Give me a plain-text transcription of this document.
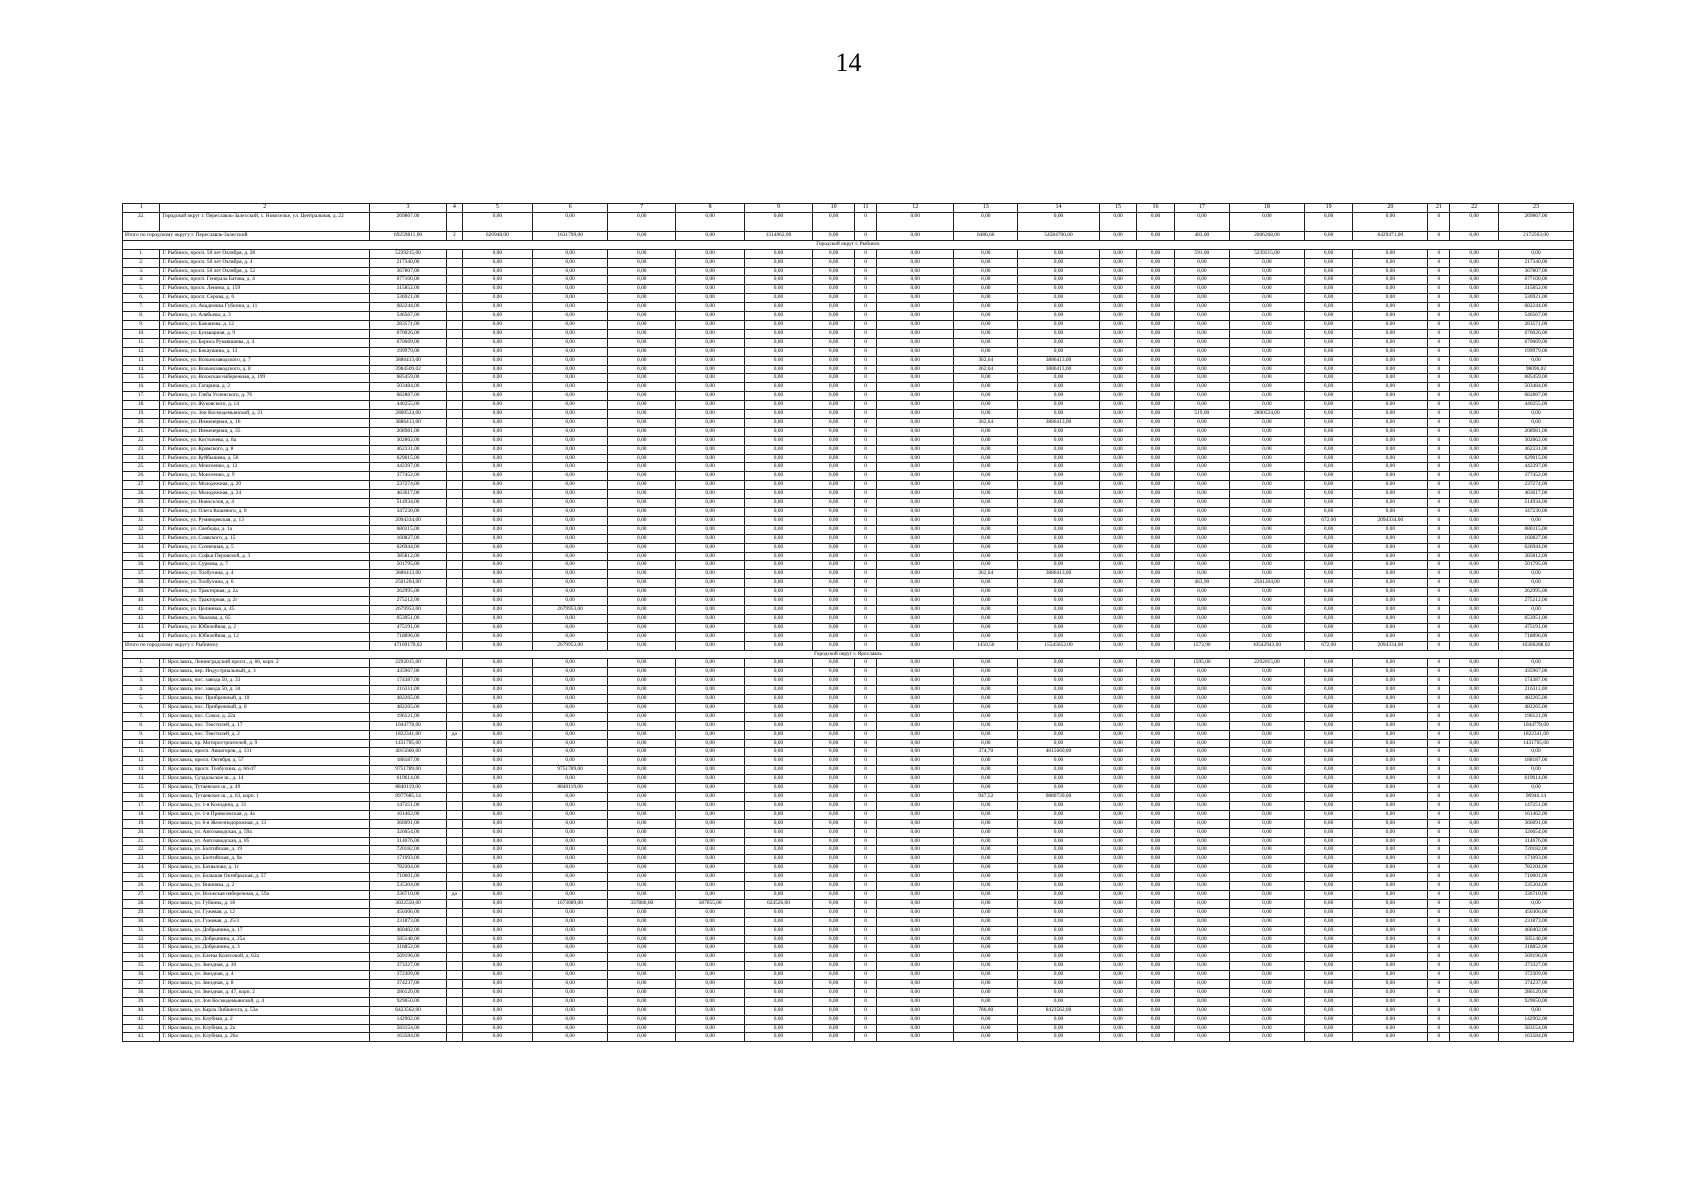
14
1	2	3	4	5	6	7	8	9	10	11	12	13	14	15	16	17	18	19	20	21	22	23
22.	Городской округ г. Переславль-Залесский, с. Новоселье, ул. Центральная, д. 22	269867,00		0,00	0,00	0,00	0,00	0,00	0,00	0	0,00	0,00	0,00	0,00	0,00	0,00	0,00	0,00	0,00	0	0,00	269867,00
Итого по городскому округу г. Переславль-Залесский		69259811,00	2	620948,00	1631799,00	0,00	0,00	1314062,00	0,00	0	0,00	6486,66	54584700,00	0,00	0,00	483,00	2606268,00	0,00	6429471,00	0	0,00	2172563,00
Городской округ г. Рыбинск																						
1.	Г. Рыбинск, просп. 50 лет Октября, д. 28	5239215,00		0,00	0,00	0,00	0,00	0,00	0,00	0	0,00	0,00	0,00	0,00	0,00	591,00	5239215,00	0,00	0,00	0	0,00	0,00
2.	Г. Рыбинск, просп. 50 лет Октября, д. 4	217340,00		0,00	0,00	0,00	0,00	0,00	0,00	0	0,00	0,00	0,00	0,00	0,00	0,00	0,00	0,00	0,00	0	0,00	217340,00
3.	Г. Рыбинск, просп. 50 лет Октября, д. 52	367807,00		0,00	0,00	0,00	0,00	0,00	0,00	0	0,00	0,00	0,00	0,00	0,00	0,00	0,00	0,00	0,00	0	0,00	367807,00
4.	Г. Рыбинск, просп. Генерала Батова, д. 4	677100,00		0,00	0,00	0,00	0,00	0,00	0,00	0	0,00	0,00	0,00	0,00	0,00	0,00	0,00	0,00	0,00	0	0,00	677100,00
5.	Г. Рыбинск, просп. Ленина, д. 159	315852,00		0,00	0,00	0,00	0,00	0,00	0,00	0	0,00	0,00	0,00	0,00	0,00	0,00	0,00	0,00	0,00	0	0,00	315852,00
6.	Г. Рыбинск, просп. Серова, д. 6	536921,00		0,00	0,00	0,00	0,00	0,00	0,00	0	0,00	0,00	0,00	0,00	0,00	0,00	0,00	0,00	0,00	0	0,00	536921,00
7.	Г. Рыбинск, ул. Академика Губкина, д. 11	682244,00		0,00	0,00	0,00	0,00	0,00	0,00	0	0,00	0,00	0,00	0,00	0,00	0,00	0,00	0,00	0,00	0	0,00	682244,00
8.	Г. Рыбинск, ул. Алябьева, д. 3	546567,00		0,00	0,00	0,00	0,00	0,00	0,00	0	0,00	0,00	0,00	0,00	0,00	0,00	0,00	0,00	0,00	0	0,00	546567,00
9.	Г. Рыбинск, ул. Бажанова, д. 12	283571,00		0,00	0,00	0,00	0,00	0,00	0,00	0	0,00	0,00	0,00	0,00	0,00	0,00	0,00	0,00	0,00	0	0,00	283571,00
10.	Г. Рыбинск, ул. Бульварная, д. 9	670026,00		0,00	0,00	0,00	0,00	0,00	0,00	0	0,00	0,00	0,00	0,00	0,00	0,00	0,00	0,00	0,00	0	0,00	670026,00
11.	Г. Рыбинск, ул. Бориса Рукавишева, д. 4	670669,00		0,00	0,00	0,00	0,00	0,00	0,00	0	0,00	0,00	0,00	0,00	0,00	0,00	0,00	0,00	0,00	0	0,00	670669,00
12.	Г. Рыбинск, ул. Бокаушина, д. 13	199979,00		0,00	0,00	0,00	0,00	0,00	0,00	0	0,00	0,00	0,00	0,00	0,00	0,00	0,00	0,00	0,00	0	0,00	199979,00
13.	Г. Рыбинск, ул. Вольнозаводского, д. 7	3886413,00		0,00	0,00	0,00	0,00	0,00	0,00	0	0,00	362,64	3886413,00	0,00	0,00	0,00	0,00	0,00	0,00	0	0,00	0,00
14.	Г. Рыбинск, ул. Вольнозаводского, д. 8	3984509,02		0,00	0,00	0,00	0,00	0,00	0,00	0	0,00	362,64	3886413,00	0,00	0,00	0,00	0,00	0,00	0,00	0	0,00	98096,02
15.	Г. Рыбинск, ул. Волжская набережная, д. 199	685459,00		0,00	0,00	0,00	0,00	0,00	0,00	0	0,00	0,00	0,00	0,00	0,00	0,00	0,00	0,00	0,00	0	0,00	685459,00
16.	Г. Рыбинск, ул. Гагарина, д. 2	503484,00		0,00	0,00	0,00	0,00	0,00	0,00	0	0,00	0,00	0,00	0,00	0,00	0,00	0,00	0,00	0,00	0	0,00	503484,00
17.	Г. Рыбинск, ул. Глеба Успенского, д. 76	682887,00		0,00	0,00	0,00	0,00	0,00	0,00	0	0,00	0,00	0,00	0,00	0,00	0,00	0,00	0,00	0,00	0	0,00	682887,00
18.	Г. Рыбинск, ул. Жуковского, д. 14	446255,00		0,00	0,00	0,00	0,00	0,00	0,00	0	0,00	0,00	0,00	0,00	0,00	0,00	0,00	0,00	0,00	0	0,00	446255,00
19.	Г. Рыбинск, ул. Зои Космодемьянской, д. 21	2800524,00		0,00	0,00	0,00	0,00	0,00	0,00	0	0,00	0,00	0,00	0,00	0,00	519,00	2800524,00	0,00	0,00	0	0,00	0,00
20.	Г. Рыбинск, ул. Инженерная, д. 16	3886413,00		0,00	0,00	0,00	0,00	0,00	0,00	0	0,00	362,64	3886413,00	0,00	0,00	0,00	0,00	0,00	0,00	0	0,00	0,00
21.	Г. Рыбинск, ул. Инженерная, д. 35	208981,00		0,00	0,00	0,00	0,00	0,00	0,00	0	0,00	0,00	0,00	0,00	0,00	0,00	0,00	0,00	0,00	0	0,00	208981,00
22.	Г. Рыбинск, ул. Костычева, д. 8а	302862,00		0,00	0,00	0,00	0,00	0,00	0,00	0	0,00	0,00	0,00	0,00	0,00	0,00	0,00	0,00	0,00	0	0,00	302862,00
23.	Г. Рыбинск, ул. Крамского, д. 8	462331,00		0,00	0,00	0,00	0,00	0,00	0,00	0	0,00	0,00	0,00	0,00	0,00	0,00	0,00	0,00	0,00	0	0,00	462331,00
24.	Г. Рыбинск, ул. Куйбышева, д. 56	629015,00		0,00	0,00	0,00	0,00	0,00	0,00	0	0,00	0,00	0,00	0,00	0,00	0,00	0,00	0,00	0,00	0	0,00	629015,00
25.	Г. Рыбинск, ул. Моисеенко, д. 12	442397,00		0,00	0,00	0,00	0,00	0,00	0,00	0	0,00	0,00	0,00	0,00	0,00	0,00	0,00	0,00	0,00	0	0,00	442397,00
26.	Г. Рыбинск, ул. Моисеенко, д. 9	377452,00		0,00	0,00	0,00	0,00	0,00	0,00	0	0,00	0,00	0,00	0,00	0,00	0,00	0,00	0,00	0,00	0	0,00	377452,00
27.	Г. Рыбинск, ул. Молодежная, д. 20	237274,00		0,00	0,00	0,00	0,00	0,00	0,00	0	0,00	0,00	0,00	0,00	0,00	0,00	0,00	0,00	0,00	0	0,00	237274,00
28.	Г. Рыбинск, ул. Молодежная, д. 24	463617,00		0,00	0,00	0,00	0,00	0,00	0,00	0	0,00	0,00	0,00	0,00	0,00	0,00	0,00	0,00	0,00	0	0,00	463617,00
29.	Г. Рыбинск, ул. Новоселов, д. 4	514934,00		0,00	0,00	0,00	0,00	0,00	0,00	0	0,00	0,00	0,00	0,00	0,00	0,00	0,00	0,00	0,00	0	0,00	514934,00
30.	Г. Рыбинск, ул. Олега Кошевого, д. 8	347230,00		0,00	0,00	0,00	0,00	0,00	0,00	0	0,00	0,00	0,00	0,00	0,00	0,00	0,00	0,00	0,00	0	0,00	347230,00
31.	Г. Рыбинск, ул. Румянцевская, д. 13	2094334,00		0,00	0,00	0,00	0,00	0,00	0,00	0	0,00	0,00	0,00	0,00	0,00	0,00	0,00	672,00	2094334,00	0	0,00	0,00
32.	Г. Рыбинск, ул. Свободы, д. 1а	680315,00		0,00	0,00	0,00	0,00	0,00	0,00	0	0,00	0,00	0,00	0,00	0,00	0,00	0,00	0,00	0,00	0	0,00	680315,00
33.	Г. Рыбинск, ул. Славского, д. 15	160827,00		0,00	0,00	0,00	0,00	0,00	0,00	0	0,00	0,00	0,00	0,00	0,00	0,00	0,00	0,00	0,00	0	0,00	160827,00
34.	Г. Рыбинск, ул. Солнечная, д. 5	626944,00		0,00	0,00	0,00	0,00	0,00	0,00	0	0,00	0,00	0,00	0,00	0,00	0,00	0,00	0,00	0,00	0	0,00	626944,00
35.	Г. Рыбинск, ул. Софьи Перовской, д. 3	385812,00		0,00	0,00	0,00	0,00	0,00	0,00	0	0,00	0,00	0,00	0,00	0,00	0,00	0,00	0,00	0,00	0	0,00	385812,00
36.	Г. Рыбинск, ул. Суркова, д. 7	501795,00		0,00	0,00	0,00	0,00	0,00	0,00	0	0,00	0,00	0,00	0,00	0,00	0,00	0,00	0,00	0,00	0	0,00	501795,00
37.	Г. Рыбинск, ул. Толбухина, д. 4	3886413,00		0,00	0,00	0,00	0,00	0,00	0,00	0	0,00	362,64	3886413,00	0,00	0,00	0,00	0,00	0,00	0,00	0	0,00	0,00
38.	Г. Рыбинск, ул. Толбухина, д. 6	2501204,00		0,00	0,00	0,00	0,00	0,00	0,00	0	0,00	0,00	0,00	0,00	0,00	463,90	2501204,00	0,00	0,00	0	0,00	0,00
39.	Г. Рыбинск, ул. Тракторная, д. 2а	262995,00		0,00	0,00	0,00	0,00	0,00	0,00	0	0,00	0,00	0,00	0,00	0,00	0,00	0,00	0,00	0,00	0	0,00	262995,00
40.	Г. Рыбинск, ул. Тракторная, д. 2г	275212,00		0,00	0,00	0,00	0,00	0,00	0,00	0	0,00	0,00	0,00	0,00	0,00	0,00	0,00	0,00	0,00	0	0,00	275212,00
41.	Г. Рыбинск, ул. Целинная, д. 45	2679953,00		0,00	2679953,00	0,00	0,00	0,00	0,00	0	0,00	0,00	0,00	0,00	0,00	0,00	0,00	0,00	0,00	0	0,00	0,00
42.	Г. Рыбинск, ул. Чкалова, д. 65	653951,00		0,00	0,00	0,00	0,00	0,00	0,00	0	0,00	0,00	0,00	0,00	0,00	0,00	0,00	0,00	0,00	0	0,00	653951,00
43.	Г. Рыбинск, ул. Юбилейная, д. 2	475191,00		0,00	0,00	0,00	0,00	0,00	0,00	0	0,00	0,00	0,00	0,00	0,00	0,00	0,00	0,00	0,00	0	0,00	475191,00
44.	Г. Рыбинск, ул. Юбилейная, д. 12	718896,00		0,00	0,00	0,00	0,00	0,00	0,00	0	0,00	0,00	0,00	0,00	0,00	0,00	0,00	0,00	0,00	0	0,00	718896,00
Итого по городскому округу г. Рыбинску		47169170,02		0,00	2679953,00	0,00	0,00	0,00	0,00	0	0,00	1450,56	15545652,00	0,00	0,00	1573,90	10542943,00	672,00	2094334,00	0	0,00	16306288,02
Городской округ г. Ярославль																						
1.	Г. Ярославль, Ленинградский просп., д. 66, корп. 2	2292015,00		0,00	0,00	0,00	0,00	0,00	0,00	0	0,00	0,00	0,00	0,00	0,00	1595,00	2292015,00	0,00	0,00	0	0,00	0,00
2.	Г. Ярославль, пер. Индустриальный, д. 3	435967,00		0,00	0,00	0,00	0,00	0,00	0,00	0	0,00	0,00	0,00	0,00	0,00	0,00	0,00	0,00	0,00	0	0,00	435967,00
3.	Г. Ярославль, пос. завода 50, д. 33	174387,00		0,00	0,00	0,00	0,00	0,00	0,00	0	0,00	0,00	0,00	0,00	0,00	0,00	0,00	0,00	0,00	0	0,00	174387,00
4.	Г. Ярославль, пос. завода 50, д. 34	216311,00		0,00	0,00	0,00	0,00	0,00	0,00	0	0,00	0,00	0,00	0,00	0,00	0,00	0,00	0,00	0,00	0	0,00	216311,00
5.	Г. Ярославль, пос. Прибрежный, д. 10	482265,00		0,00	0,00	0,00	0,00	0,00	0,00	0	0,00	0,00	0,00	0,00	0,00	0,00	0,00	0,00	0,00	0	0,00	482265,00
6.	Г. Ярославль, пос. Прибрежный, д. 8	482265,00		0,00	0,00	0,00	0,00	0,00	0,00	0	0,00	0,00	0,00	0,00	0,00	0,00	0,00	0,00	0,00	0	0,00	482265,00
7.	Г. Ярославль, пос. Сокол, д. 22а	196121,00		0,00	0,00	0,00	0,00	0,00	0,00	0	0,00	0,00	0,00	0,00	0,00	0,00	0,00	0,00	0,00	0	0,00	196121,00
8.	Г. Ярославль, пос. Текстилей, д. 17	1044778,00		0,00	0,00	0,00	0,00	0,00	0,00	0	0,00	0,00	0,00	0,00	0,00	0,00	0,00	0,00	0,00	0	0,00	1044778,00
9.	Г. Ярославль, пос. Текстилей, д. 2	1822341,00	да	0,00	0,00	0,00	0,00	0,00	0,00	0	0,00	0,00	0,00	0,00	0,00	0,00	0,00	0,00	0,00	0	0,00	1822341,00
10.	Г. Ярославль, пр. Моторостроителей, д. 9	1431705,00		0,00	0,00	0,00	0,00	0,00	0,00	0	0,00	0,00	0,00	0,00	0,00	0,00	0,00	0,00	0,00	0	0,00	1431705,00
11.	Г. Ярославль, просп. Авиаторов, д. 131	4015660,00		0,00	0,00	0,00	0,00	0,00	0,00	0	0,00	374,70	4015660,00	0,00	0,00	0,00	0,00	0,00	0,00	0	0,00	0,00
12.	Г. Ярославль, просп. Октября, д. 57	188187,00		0,00	0,00	0,00	0,00	0,00	0,00	0	0,00	0,00	0,00	0,00	0,00	0,00	0,00	0,00	0,00	0	0,00	188187,00
13.	Г. Ярославль, просп. Толбухина, д. 66/47	9751789,00		0,00	9751789,00	0,00	0,00	0,00	0,00	0	0,00	0,00	0,00	0,00	0,00	0,00	0,00	0,00	0,00	0	0,00	0,00
14.	Г. Ярославль, Суздальское ш., д. 14	619614,00		0,00	0,00	0,00	0,00	0,00	0,00	0	0,00	0,00	0,00	0,00	0,00	0,00	0,00	0,00	0,00	0	0,00	619614,00
15.	Г. Ярославль, Тутаевское ш., д. 49	8840119,00		0,00	8840119,00	0,00	0,00	0,00	0,00	0	0,00	0,00	0,00	0,00	0,00	0,00	0,00	0,00	0,00	0	0,00	0,00
16.	Г. Ярославль, Тутаевское ш., д. 63, корп. 1	9977685,14		0,00	0,00	0,00	0,00	0,00	0,00	0	0,00	947,52	9880739,00	0,00	0,00	0,00	0,00	0,00	0,00	0	0,00	96946,14
17.	Г. Ярославль, ул. 1-я Колодина, д. 31	147251,00		0,00	0,00	0,00	0,00	0,00	0,00	0	0,00	0,00	0,00	0,00	0,00	0,00	0,00	0,00	0,00	0	0,00	147251,00
18.	Г. Ярославль, ул. 1-я Приволжская, д. 4а	161462,00		0,00	0,00	0,00	0,00	0,00	0,00	0	0,00	0,00	0,00	0,00	0,00	0,00	0,00	0,00	0,00	0	0,00	161462,00
19.	Г. Ярославль, ул. 6-я Железнодорожная, д. 13	366091,00		0,00	0,00	0,00	0,00	0,00	0,00	0	0,00	0,00	0,00	0,00	0,00	0,00	0,00	0,00	0,00	0	0,00	366091,00
20.	Г. Ярославль, ул. Автозаводская, д. 59а	326654,00		0,00	0,00	0,00	0,00	0,00	0,00	0	0,00	0,00	0,00	0,00	0,00	0,00	0,00	0,00	0,00	0	0,00	326654,00
21.	Г. Ярославль, ул. Автозаводская, д. 85	314676,00		0,00	0,00	0,00	0,00	0,00	0,00	0	0,00	0,00	0,00	0,00	0,00	0,00	0,00	0,00	0,00	0	0,00	314676,00
22.	Г. Ярославль, ул. Балтийская, д. 19	720182,00		0,00	0,00	0,00	0,00	0,00	0,00	0	0,00	0,00	0,00	0,00	0,00	0,00	0,00	0,00	0,00	0	0,00	720182,00
23.	Г. Ярославль, ул. Балтийская, д. 9а	171093,00		0,00	0,00	0,00	0,00	0,00	0,00	0	0,00	0,00	0,00	0,00	0,00	0,00	0,00	0,00	0,00	0	0,00	171093,00
24.	Г. Ярославль, ул. Бахвалова, д. 1г	782204,00		0,00	0,00	0,00	0,00	0,00	0,00	0	0,00	0,00	0,00	0,00	0,00	0,00	0,00	0,00	0,00	0	0,00	782204,00
25.	Г. Ярославль, ул. Большая Октябрьская, д. 57	710601,00		0,00	0,00	0,00	0,00	0,00	0,00	0	0,00	0,00	0,00	0,00	0,00	0,00	0,00	0,00	0,00	0	0,00	710601,00
26.	Г. Ярославль, ул. Вишняка, д. 2	535304,00		0,00	0,00	0,00	0,00	0,00	0,00	0	0,00	0,00	0,00	0,00	0,00	0,00	0,00	0,00	0,00	0	0,00	535304,00
27.	Г. Ярославль, ул. Волжская набережная, д. 59а	336710,00	да	0,00	0,00	0,00	0,00	0,00	0,00	0	0,00	0,00	0,00	0,00	0,00	0,00	0,00	0,00	0,00	0	0,00	336710,00
28.	Г. Ярославль, ул. Губкина, д. 18	3022550,00		0,00	1673089,00	337880,00	387055,00	624526,00	0,00	0	0,00	0,00	0,00	0,00	0,00	0,00	0,00	0,00	0,00	0	0,00	0,00
29.	Г. Ярославль, ул. Гужевая, д. 12	450306,00		0,00	0,00	0,00	0,00	0,00	0,00	0	0,00	0,00	0,00	0,00	0,00	0,00	0,00	0,00	0,00	0	0,00	450306,00
30.	Г. Ярославль, ул. Гужевая, д. 25/3	231873,00		0,00	0,00	0,00	0,00	0,00	0,00	0	0,00	0,00	0,00	0,00	0,00	0,00	0,00	0,00	0,00	0	0,00	231873,00
31.	Г. Ярославль, ул. Добрынина, д. 17	460402,00		0,00	0,00	0,00	0,00	0,00	0,00	0	0,00	0,00	0,00	0,00	0,00	0,00	0,00	0,00	0,00	0	0,00	460402,00
32.	Г. Ярославль, ул. Добрынина, д. 25а	585148,00		0,00	0,00	0,00	0,00	0,00	0,00	0	0,00	0,00	0,00	0,00	0,00	0,00	0,00	0,00	0,00	0	0,00	585148,00
33.	Г. Ярославль, ул. Добрынина, д. 3	318852,00		0,00	0,00	0,00	0,00	0,00	0,00	0	0,00	0,00	0,00	0,00	0,00	0,00	0,00	0,00	0,00	0	0,00	318852,00
34.	Г. Ярославль, ул. Елены Колесовой, д. 62а	569196,00		0,00	0,00	0,00	0,00	0,00	0,00	0	0,00	0,00	0,00	0,00	0,00	0,00	0,00	0,00	0,00	0	0,00	569196,00
35.	Г. Ярославль, ул. Звездная, д. 30	373327,00		0,00	0,00	0,00	0,00	0,00	0,00	0	0,00	0,00	0,00	0,00	0,00	0,00	0,00	0,00	0,00	0	0,00	373327,00
36.	Г. Ярославль, ул. Звездная, д. 4	372309,00		0,00	0,00	0,00	0,00	0,00	0,00	0	0,00	0,00	0,00	0,00	0,00	0,00	0,00	0,00	0,00	0	0,00	372309,00
37.	Г. Ярославль, ул. Звездная, д. 8	374237,00		0,00	0,00	0,00	0,00	0,00	0,00	0	0,00	0,00	0,00	0,00	0,00	0,00	0,00	0,00	0,00	0	0,00	374237,00
38.	Г. Ярославль, ул. Звездная, д. 47, корп. 2	286120,00		0,00	0,00	0,00	0,00	0,00	0,00	0	0,00	0,00	0,00	0,00	0,00	0,00	0,00	0,00	0,00	0	0,00	286120,00
39.	Г. Ярославль, ул. Зои Космодемьянской, д. 4	929650,00		0,00	0,00	0,00	0,00	0,00	0,00	0	0,00	0,00	0,00	0,00	0,00	0,00	0,00	0,00	0,00	0	0,00	929650,00
40.	Г. Ярославль, ул. Карла Либкнехта, д. 53а	8423562,00		0,00	0,00	0,00	0,00	0,00	0,00	0	0,00	786,00	8423562,00	0,00	0,00	0,00	0,00	0,00	0,00	0	0,00	0,00
41.	Г. Ярославль, ул. Клубная, д. 2	142902,00		0,00	0,00	0,00	0,00	0,00	0,00	0	0,00	0,00	0,00	0,00	0,00	0,00	0,00	0,00	0,00	0	0,00	142902,00
42.	Г. Ярославль, ул. Клубная, д. 2а	583154,00		0,00	0,00	0,00	0,00	0,00	0,00	0	0,00	0,00	0,00	0,00	0,00	0,00	0,00	0,00	0,00	0	0,00	583154,00
43.	Г. Ярославль, ул. Клубная, д. 26а	163584,00		0,00	0,00	0,00	0,00	0,00	0,00	0	0,00	0,00	0,00	0,00	0,00	0,00	0,00	0,00	0,00	0	0,00	163584,00
